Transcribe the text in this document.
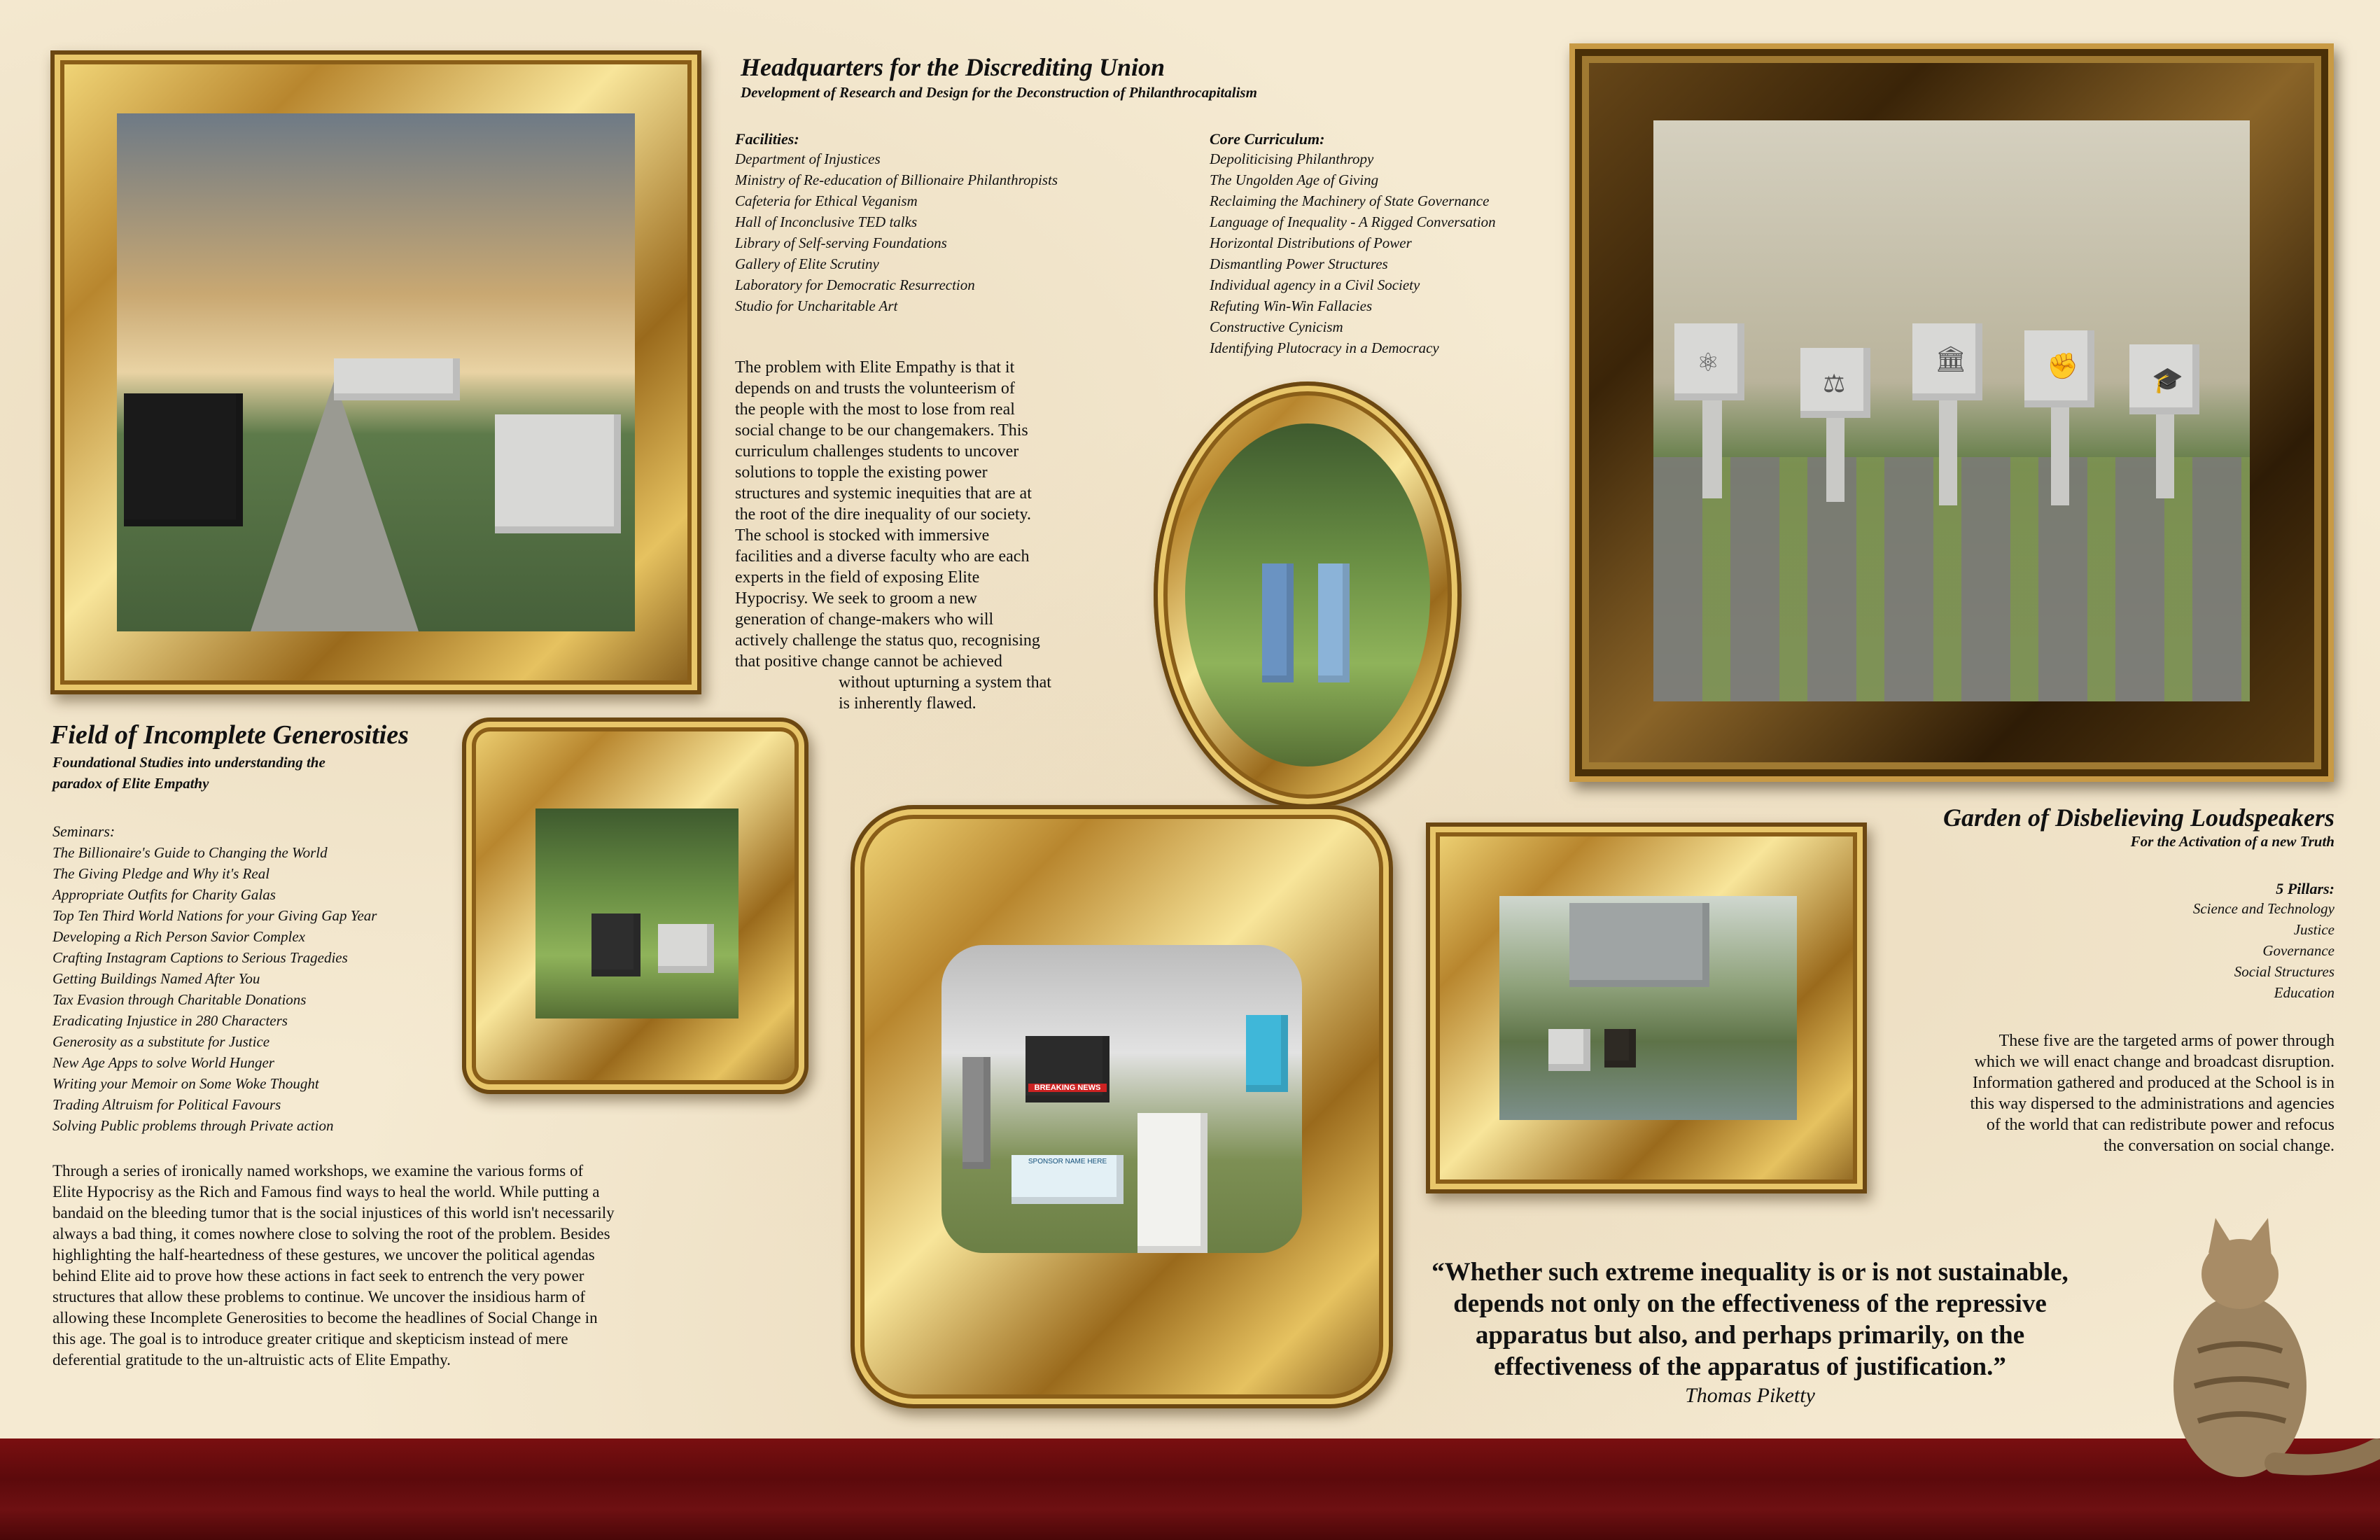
Headquarters for the Discrediting Union
Development of Research and Design for the Deconstruction of Philanthrocapitalism
Facilities:
Department of Injustices
Ministry of Re-education of Billionaire Philanthropists
Cafeteria for Ethical Veganism
Hall of Inconclusive TED talks
Library of Self-serving Foundations
Gallery of Elite Scrutiny
Laboratory for Democratic Resurrection
Studio for Uncharitable Art
Core Curriculum:
Depoliticising Philanthropy
The Ungolden Age of Giving
Reclaiming the Machinery of State Governance
Language of Inequality - A Rigged Conversation
Horizontal Distributions of Power
Dismantling Power Structures
Individual agency in a Civil Society
Refuting Win-Win Fallacies
Constructive Cynicism
Identifying Plutocracy in a Democracy
The problem with Elite Empathy is that it
depends on and trusts the volunteerism of
the people with the most to lose from real
social change to be our changemakers. This
curriculum challenges students to uncover
solutions to topple the existing power
structures and systemic inequities that are at
the root of the dire inequality of our society.
The school is stocked with immersive
facilities and a diverse faculty who are each
experts in the field of exposing Elite
Hypocrisy. We seek to groom a new
generation of change-makers who will
actively challenge the status quo, recognising
that positive change cannot be achieved
without upturning a system that
is inherently flawed.
⚛
⚖
🏛	✊	🎓
Field of Incomplete Generosities
Foundational Studies into understanding the
paradox of Elite Empathy
Seminars:
The Billionaire's Guide to Changing the World
The Giving Pledge and Why it's Real
Appropriate Outfits for Charity Galas
Top Ten Third World Nations for your Giving Gap Year
Developing a Rich Person Savior Complex
Crafting Instagram Captions to Serious Tragedies
Getting Buildings Named After You
Tax Evasion through Charitable Donations
Eradicating Injustice in 280 Characters
Generosity as a substitute for Justice
New Age Apps to solve World Hunger
Writing your Memoir on Some Woke Thought
Trading Altruism for Political Favours
Solving Public problems through Private action
Through a series of ironically named workshops, we examine the various forms of
Elite Hypocrisy as the Rich and Famous find ways to heal the world. While putting a
bandaid on the bleeding tumor that is the social injustices of this world isn't necessarily
always a bad thing, it comes nowhere close to solving the root of the problem. Besides
highlighting the half-heartedness of these gestures, we uncover the political agendas
behind Elite aid to prove how these actions in fact seek to entrench the very power
structures that allow these problems to continue. We uncover the insidious harm of
allowing these Incomplete Generosities to become the headlines of Social Change in
this age. The goal is to introduce greater critique and skepticism instead of mere
deferential gratitude to the un-altruistic acts of Elite Empathy.
BREAKING NEWS
SPONSOR NAME HERE
Garden of Disbelieving Loudspeakers
For the Activation of a new Truth
5 Pillars:
Science and Technology
Justice
Governance
Social Structures
Education
These five are the targeted arms of power through
which we will enact change and broadcast disruption.
Information gathered and produced at the School is in
this way dispersed to the administrations and agencies
of the world that can redistribute power and refocus
the conversation on social change.
“Whether such extreme inequality is or is not sustainable,
depends not only on the effectiveness of the repressive
apparatus but also, and perhaps primarily, on the
effectiveness of the apparatus of justification.”
Thomas Piketty
